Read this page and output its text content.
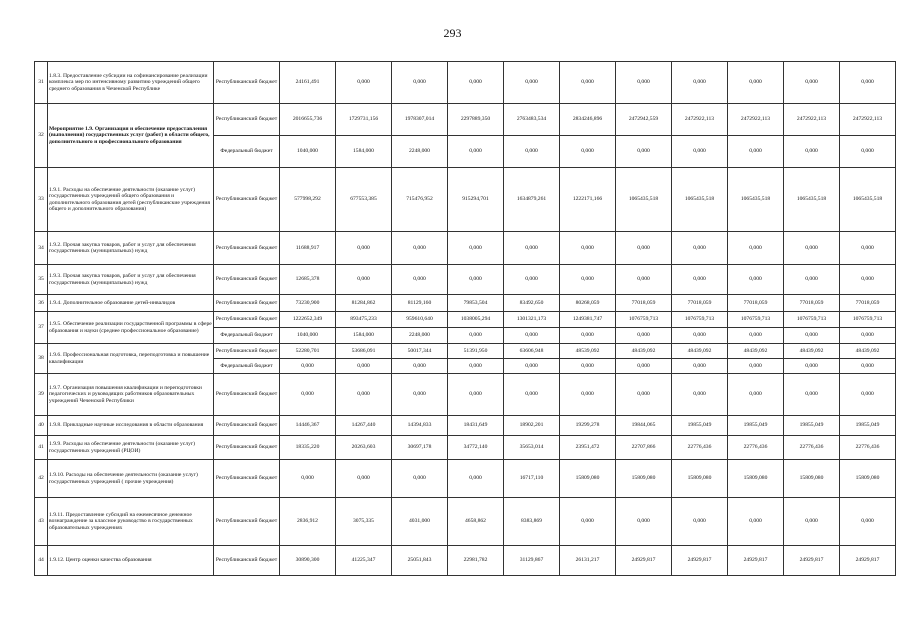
293
31	1.8.3. Предоставление субсидии на софинансирование реализации комплекса мер по интенсивному развитию учреждений общего среднего образования в Чеченской Республике	Республиканский бюджет	24161,491	0,000	0,000	0,000	0,000	0,000	0,000	0,000	0,000	0,000	0,000
32	Мероприятие 1.9. Организация и обеспечение предоставления (выполнения) государственных услуг (работ) в области общего, дополнительного и профессионального образования	Республиканский бюджет	2016655,736	1729731,156	1978307,014	2297889,350	2763483,534	2834246,896	2472942,559	2472922,113	2472922,113	2472922,113	2472922,113
		Федеральный бюджет	1040,000	1584,000	2248,000	0,000	0,000	0,000	0,000	0,000	0,000	0,000	0,000
33	1.9.1. Расходы на обеспечение деятельности (оказание услуг) государственных учреждений общего образования и дополнительного образования детей (республиканские учреждения общего и дополнительного образования)	Республиканский бюджет	577998,292	677553,385	715476,952	915294,701	1634879,261	1222171,166	1065435,518	1065435,518	1065435,518	1065435,518	1065435,518
34	1.9.2. Прочая закупка товаров, работ и услуг для обеспечения государственных (муниципальных) нужд	Республиканский бюджет	11688,917	0,000	0,000	0,000	0,000	0,000	0,000	0,000	0,000	0,000	0,000
35	1.9.3. Прочая закупка товаров, работ и услуг для обеспечения государственных (муниципальных) нужд	Республиканский бюджет	12685,378	0,000	0,000	0,000	0,000	0,000	0,000	0,000	0,000	0,000	0,000
36	1.9.4. Дополнительное образование детей-инвалидов	Республиканский бюджет	73230,900	81284,862	81129,160	79853,504	83492,650	80268,059	77018,059	77018,059	77018,059	77018,059	77018,059
37	1.9.5. Обеспечение реализации государственной программы в сфере образования и науки (среднее профессиональное образование)	Республиканский бюджет	1222652,349	893475,233	959610,640	1038005,294	1301321,173	1249381,747	1076759,713	1076759,713	1076759,713	1076759,713	1076759,713
		Федеральный бюджет	1040,000	1584,000	2248,000	0,000	0,000	0,000	0,000	0,000	0,000	0,000	0,000
38	1.9.6. Профессиональная подготовка, переподготовка и повышение квалификации	Республиканский бюджет	52280,701	53686,091	50017,344	51391,950	63606,948	48539,092	48439,092	48439,092	48439,092	48439,092	48439,092
		Федеральный бюджет	0,000	0,000	0,000	0,000	0,000	0,000	0,000	0,000	0,000	0,000	0,000
39	1.9.7. Организация повышения квалификации и переподготовки педагогических и руководящих работников образовательных учреждений Чеченской Республики	Республиканский бюджет	0,000	0,000	0,000	0,000	0,000	0,000	0,000	0,000	0,000	0,000	0,000
40	1.9.8. Прикладные научные исследования в области образования	Республиканский бюджет	14446,367	14267,440	14394,833	18431,649	18902,201	19299,278	19844,065	19855,049	19855,049	19855,049	19855,049
41	1.9.9. Расходы на обеспечение деятельности (оказание услуг) государственных учреждений (РЦОИ)	Республиканский бюджет	18335,220	20263,603	30697,178	34772,140	35653,014	23951,472	22707,866	22776,436	22776,436	22776,436	22776,436
42	1.9.10. Расходы на обеспечение деятельности (оказание услуг) государственных учреждений ( прочие учреждения)	Республиканский бюджет	0,000	0,000	0,000	0,000	16717,110	15809,080	15809,080	15809,080	15809,080	15809,080	15809,080
43	1.9.11. Предоставление субсидий на ежемесячное денежное вознаграждение за классное руководство в государственных образовательных учреждениях	Республиканский бюджет	2836,912	3075,335	4031,000	4658,862	8383,869	0,000	0,000	0,000	0,000	0,000	0,000
44	1.9.12. Центр оценки качества образования	Республиканский бюджет	30890,300	41225,347	25051,843	22981,782	31129,867	26131,217	24929,817	24929,817	24929,817	24929,817	24929,817
